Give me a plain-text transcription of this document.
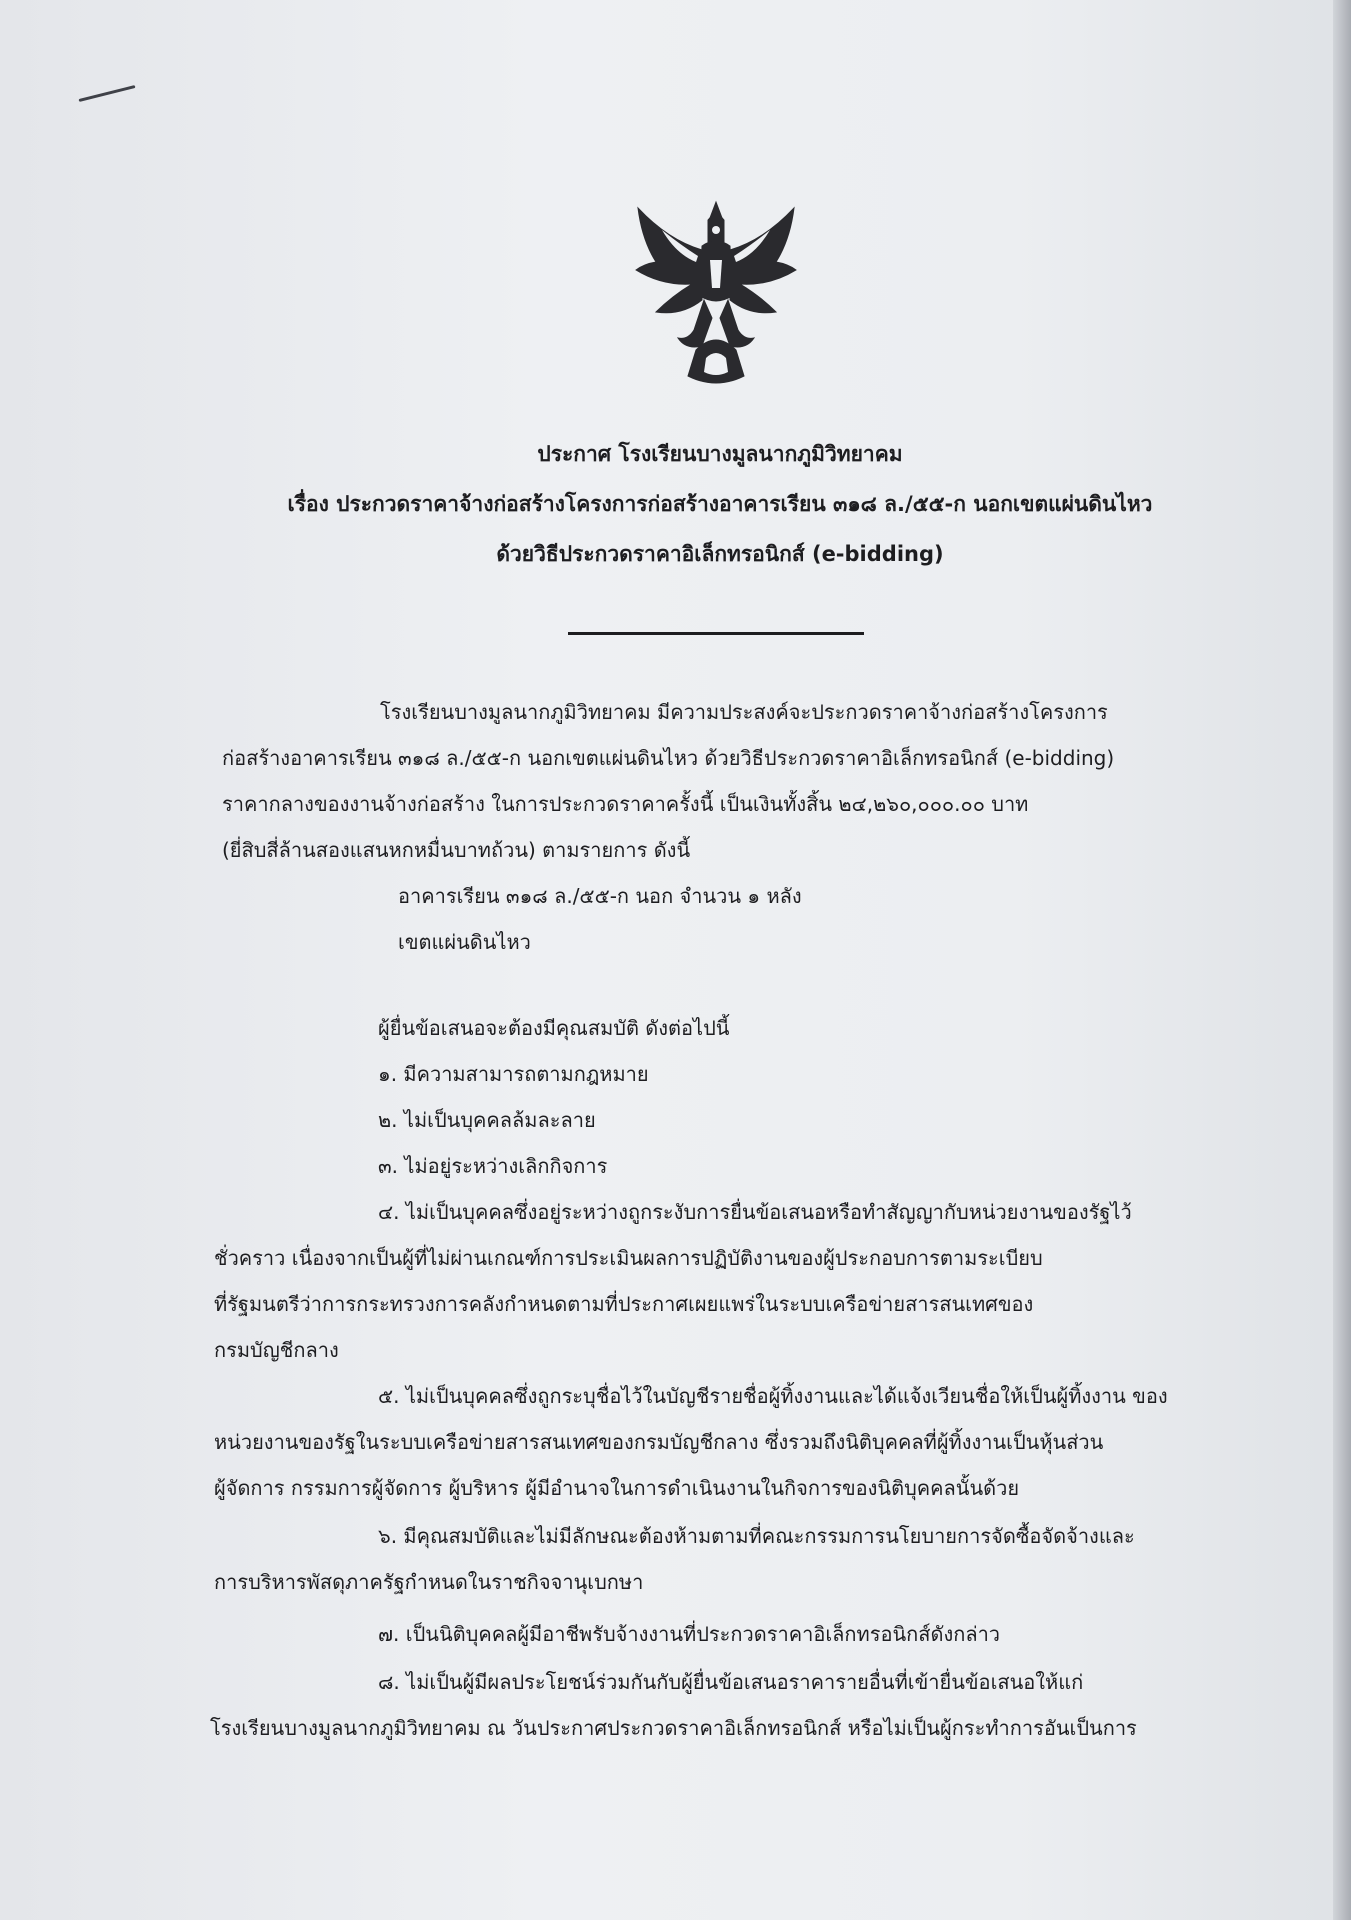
ประกาศ โรงเรียนบางมูลนากภูมิวิทยาคม
เรื่อง ประกวดราคาจ้างก่อสร้างโครงการก่อสร้างอาคารเรียน ๓๑๘ ล./๕๕-ก นอกเขตแผ่นดินไหว
ด้วยวิธีประกวดราคาอิเล็กทรอนิกส์ (e-bidding)
โรงเรียนบางมูลนากภูมิวิทยาคม มีความประสงค์จะประกวดราคาจ้างก่อสร้างโครงการ
ก่อสร้างอาคารเรียน ๓๑๘ ล./๕๕-ก นอกเขตแผ่นดินไหว ด้วยวิธีประกวดราคาอิเล็กทรอนิกส์ (e-bidding)
ราคากลางของงานจ้างก่อสร้าง ในการประกวดราคาครั้งนี้ เป็นเงินทั้งสิ้น ๒๔,๒๖๐,๐๐๐.๐๐ บาท
(ยี่สิบสี่ล้านสองแสนหกหมื่นบาทถ้วน) ตามรายการ ดังนี้
อาคารเรียน ๓๑๘ ล./๕๕-ก นอก จำนวน ๑ หลัง
เขตแผ่นดินไหว
ผู้ยื่นข้อเสนอจะต้องมีคุณสมบัติ ดังต่อไปนี้
๑. มีความสามารถตามกฎหมาย
๒. ไม่เป็นบุคคลล้มละลาย
๓. ไม่อยู่ระหว่างเลิกกิจการ
๔. ไม่เป็นบุคคลซึ่งอยู่ระหว่างถูกระงับการยื่นข้อเสนอหรือทำสัญญากับหน่วยงานของรัฐไว้
ชั่วคราว เนื่องจากเป็นผู้ที่ไม่ผ่านเกณฑ์การประเมินผลการปฏิบัติงานของผู้ประกอบการตามระเบียบ
ที่รัฐมนตรีว่าการกระทรวงการคลังกำหนดตามที่ประกาศเผยแพร่ในระบบเครือข่ายสารสนเทศของ
กรมบัญชีกลาง
๕. ไม่เป็นบุคคลซึ่งถูกระบุชื่อไว้ในบัญชีรายชื่อผู้ทิ้งงานและได้แจ้งเวียนชื่อให้เป็นผู้ทิ้งงาน ของ
หน่วยงานของรัฐในระบบเครือข่ายสารสนเทศของกรมบัญชีกลาง ซึ่งรวมถึงนิติบุคคลที่ผู้ทิ้งงานเป็นหุ้นส่วน
ผู้จัดการ กรรมการผู้จัดการ ผู้บริหาร ผู้มีอำนาจในการดำเนินงานในกิจการของนิติบุคคลนั้นด้วย
๖. มีคุณสมบัติและไม่มีลักษณะต้องห้ามตามที่คณะกรรมการนโยบายการจัดซื้อจัดจ้างและ
การบริหารพัสดุภาครัฐกำหนดในราชกิจจานุเบกษา
๗. เป็นนิติบุคคลผู้มีอาชีพรับจ้างงานที่ประกวดราคาอิเล็กทรอนิกส์ดังกล่าว
๘. ไม่เป็นผู้มีผลประโยชน์ร่วมกันกับผู้ยื่นข้อเสนอราคารายอื่นที่เข้ายื่นข้อเสนอให้แก่
โรงเรียนบางมูลนากภูมิวิทยาคม ณ วันประกาศประกวดราคาอิเล็กทรอนิกส์ หรือไม่เป็นผู้กระทำการอันเป็นการ
